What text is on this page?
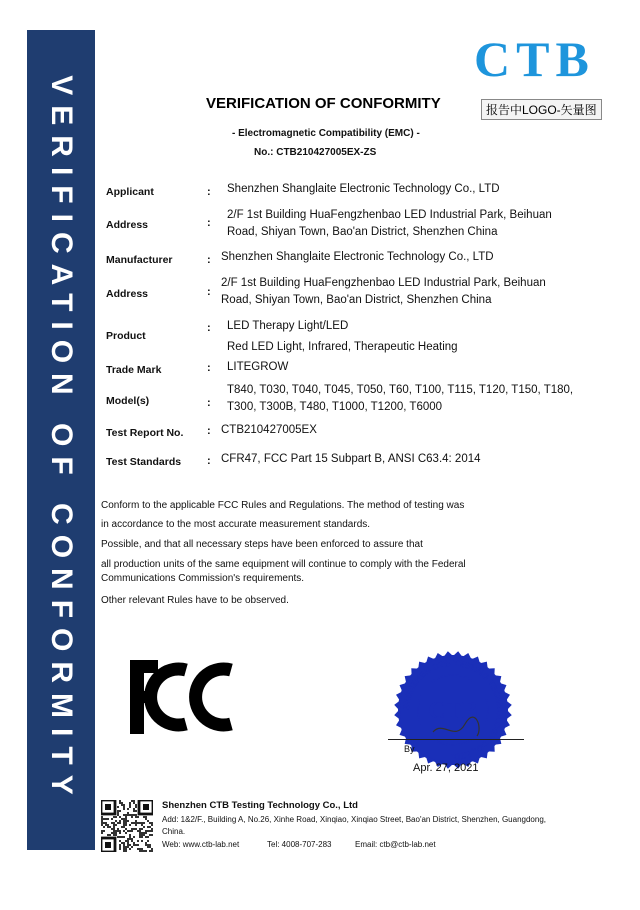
VERIFICATION OF CONFORMITY
CTB
报告中LOGO-矢量图
VERIFICATION OF CONFORMITY
- Electromagnetic Compatibility (EMC) -
No.: CTB210427005EX-ZS
Applicant	: Shenzhen Shanglaite Electronic Technology Co., LTD
Address	:
2/F 1st Building HuaFengzhenbao LED Industrial Park, Beihuan
Road, Shiyan Town, Bao'an District, Shenzhen China
Manufacturer	: Shenzhen Shanglaite Electronic Technology Co., LTD
Address	:
2/F 1st Building HuaFengzhenbao LED Industrial Park, Beihuan
Road, Shiyan Town, Bao'an District, Shenzhen China
Product
: LED Therapy Light/LED
Red LED Light, Infrared, Therapeutic Heating
Trade Mark	: LITEGROW
Model(s)	:
T840, T030, T040, T045, T050, T60, T100, T115, T120, T150, T180,
T300, T300B, T480, T1000, T1200, T6000
Test Report No. : CTB210427005EX
Test Standards : CFR47, FCC Part 15 Subpart B, ANSI C63.4: 2014
Conform to the applicable FCC Rules and Regulations. The method of testing was
in accordance to the most accurate measurement standards.
Possible, and that all necessary steps have been enforced to assure that
all production units of the same equipment will continue to comply with the Federal
Communications Commission's requirements.
Other relevant Rules have to be observed.
SHENZHEN CTB TESTING TECHNOLOGY CO., LTD.
CTB
By
Apr. 27, 2021
Shenzhen CTB Testing Technology Co., Ltd
Add: 1&2/F., Building A, No.26, Xinhe Road, Xinqiao, Xinqiao Street, Bao'an District, Shenzhen, Guangdong,
China.
Web: www.ctb-lab.net	Tel: 4008-707-283	Email: ctb@ctb-lab.net
